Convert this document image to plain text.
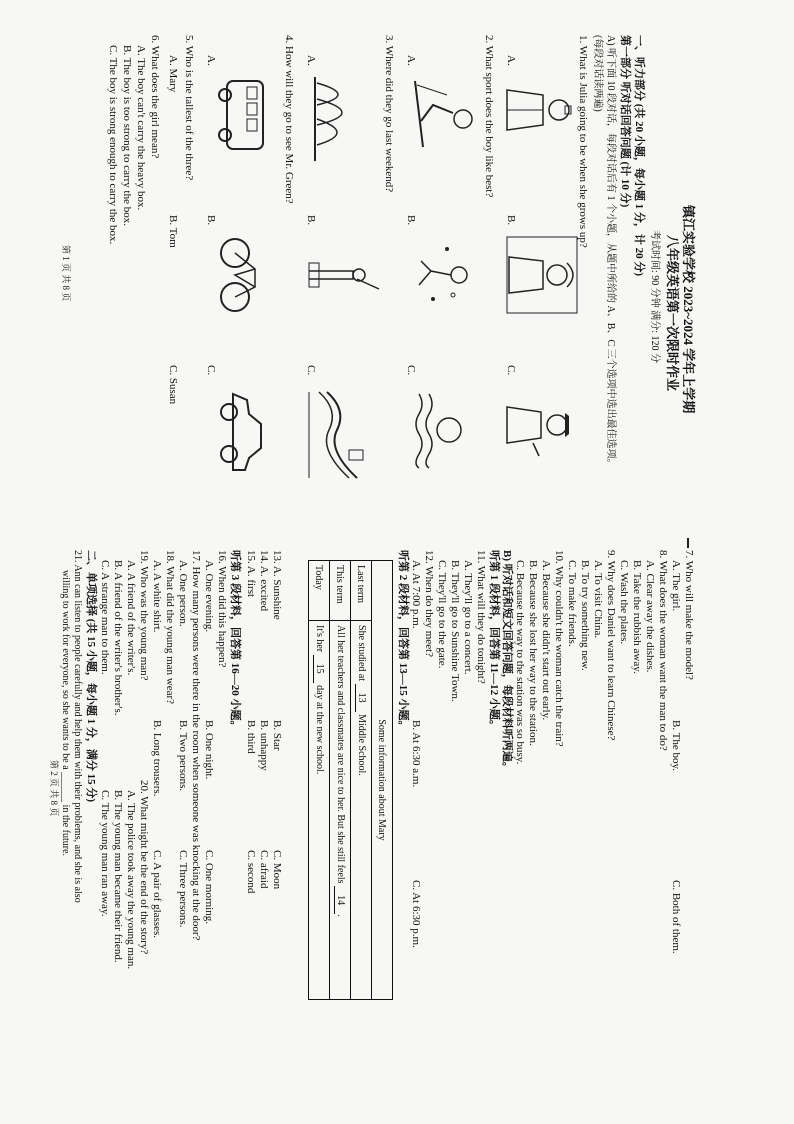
镇江实验学校 2023~2024 学年上学期
八年级英语第一次限时作业
考试时间: 90 分钟 满分: 120 分
一、听力部分 (共 20 小题，每小题 1 分，计 20 分)
第一部分 听对话回答问题 (计 10 分)
A) 听下面 10 段对话，每段对话后有 1 个小题，从题中所给的 A、B、C 三个选项中选出最佳选项。
(每段对话读两遍)
1. What is Julia going to be when she grows up?
A.
B.
C.
2. What sport does the boy like best?
A.
B.
C.
3. Where did they go last weekend?
A.
B.
C.
4. How will they go to see Mr. Green?
A.
B.
C.
5. Who is the tallest of the three?
A. Mary
B. Tom
C. Susan
6. What does the girl mean?
A. The boy can't carry the heavy box.
B. The boy is too strong to carry the box.
C. The boy is strong enough to carry the box.
第 1 页 共 8 页
7. Who will make the model?
A. The girl.
B. The boy.
C. Both of them.
8. What does the woman want the man to do?
A. Clear away the dishes.
B. Take the rubbish away.
C. Wash the plates.
9. Why does Daniel want to learn Chinese?
A. To visit China.
B. To try something new.
C. To make friends.
10. Why couldn't the woman catch the train?
A. Because she didn't start out early.
B. Because she lost her way to the station.
C. Because the way to the station was so busy.
B) 听对话和短文回答问题，每段材料听两遍。
听第 1 段材料，回答第 11—12 小题。
11. What will they do tonight?
A. They'll go to a concert.
B. They'll go to Sunshine Town.
C. They'll go to the gate.
12. When do they meet?
A. At 7:00 p.m.
B. At 6:30 a.m.
C. At 6:30 p.m.
听第 2 段材料，回答第 13—15 小题。
Some information about Mary	
Last term	She studied at 13 Middle School.
This term	All her teachers and classmates are nice to her. But she still feels 14.
Today	It's her 15 day at the new school.
13. A. Sunshine
B. Star
C. Moon
14. A. excited
B. unhappy
C. afraid
15. A. first
B. third
C. second
听第 3 段材料，回答第 16—20 小题。
16. When did this happen?
A. One evening.
B. One night.
C. One morning.
17. How many persons were there in the room when someone was knocking at the door?
A. One person.
B. Two persons.
C. Three persons.
18. What did the young man wear?
A. A white shirt.
B. Long trousers.
C. A pair of glasses.
19. Who was the young man?
A. A friend of the writer's.
B. A friend of the writer's brother's.
C. A strange man to them.
20. What might be the end of the story?
A. The police took away the young man.
B. The young man became their friend.
C. The young man ran away.
二、单项选择 (共 15 小题，每小题 1 分，满分 15 分)
21. Ann can listen to people carefully and help them with their problems, and she is also
willing to work for everyone, so she wants to be a ______ in the future.
第 2 页 共 8 页
